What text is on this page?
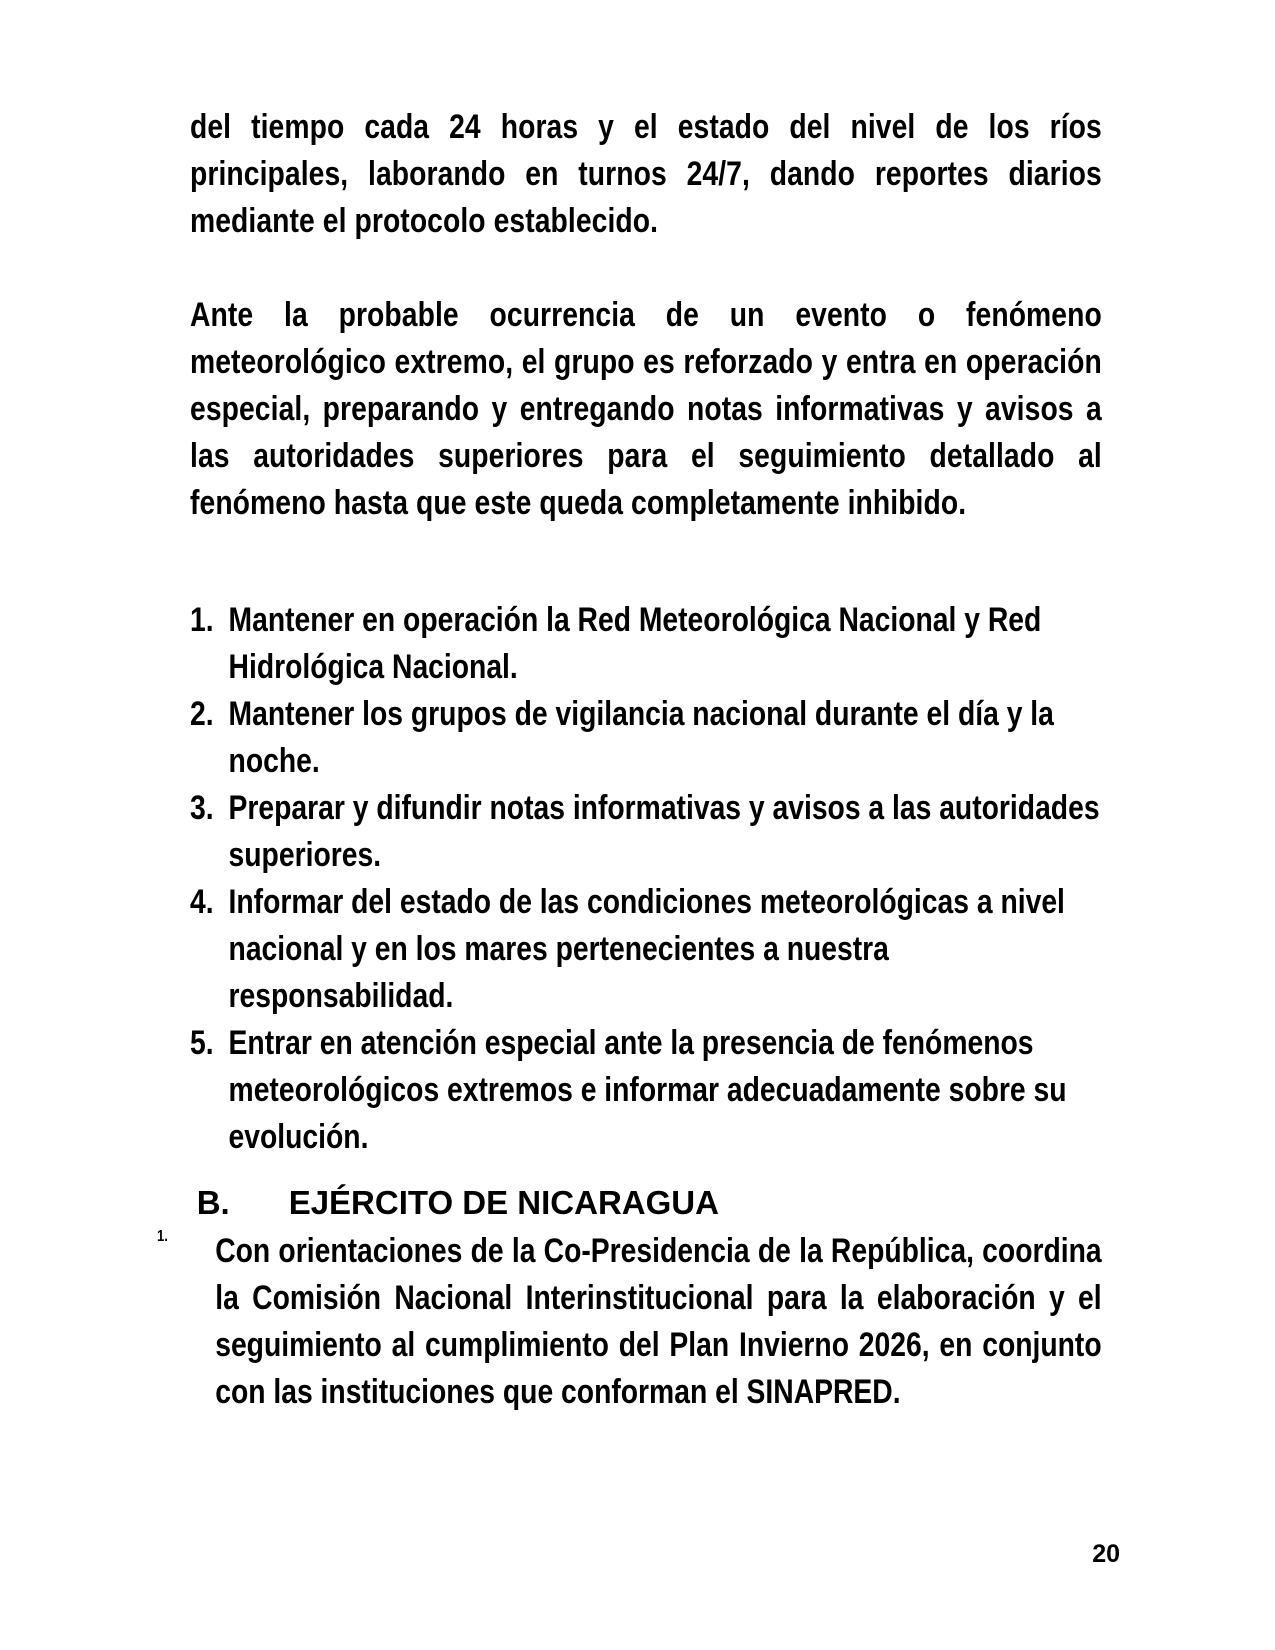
del tiempo cada 24 horas y el estado del nivel de los ríos principales, laborando en turnos 24/7, dando reportes diarios mediante el protocolo establecido.

Ante la probable ocurrencia de un evento o fenómeno meteorológico extremo, el grupo es reforzado y entra en operación especial, preparando y entregando notas informativas y avisos a las autoridades superiores para el seguimiento detallado al fenómeno hasta que este queda completamente inhibido.

1. Mantener en operación la Red Meteorológica Nacional y Red Hidrológica Nacional.
2. Mantener los grupos de vigilancia nacional durante el día y la noche.
3. Preparar y difundir notas informativas y avisos a las autoridades superiores.
4. Informar del estado de las condiciones meteorológicas a nivel nacional y en los mares pertenecientes a nuestra responsabilidad.
5. Entrar en atención especial ante la presencia de fenómenos meteorológicos extremos e informar adecuadamente sobre su evolución.

B. EJÉRCITO DE NICARAGUA

1.	Con orientaciones de la Co-Presidencia de la República, coordina la Comisión Nacional Interinstitucional para la elaboración y el seguimiento al cumplimiento del Plan Invierno 2026, en conjunto con las instituciones que conforman el SINAPRED.
20
